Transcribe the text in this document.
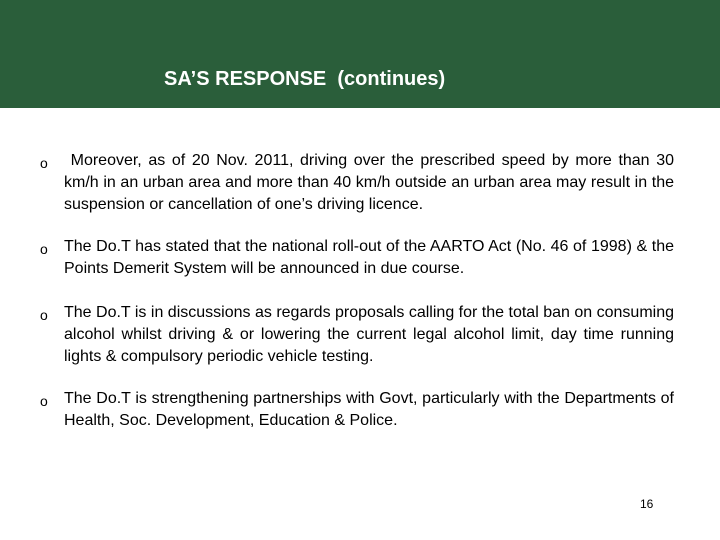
SA’S RESPONSE  (continues)
o Moreover, as of 20 Nov. 2011, driving over the prescribed speed by more than 30 km/h in an urban area and more than 40 km/h outside an urban area may result in the suspension or cancellation of one’s driving licence.
o The Do.T has stated that the national roll-out of the AARTO Act (No. 46 of 1998) & the Points Demerit System will be announced in due course.
o The Do.T is in discussions as regards proposals calling for the total ban on consuming alcohol whilst driving & or lowering the current legal alcohol limit, day time running lights & compulsory periodic vehicle testing.
o The Do.T is strengthening partnerships with Govt, particularly with the Departments of Health, Soc. Development, Education & Police.
16
